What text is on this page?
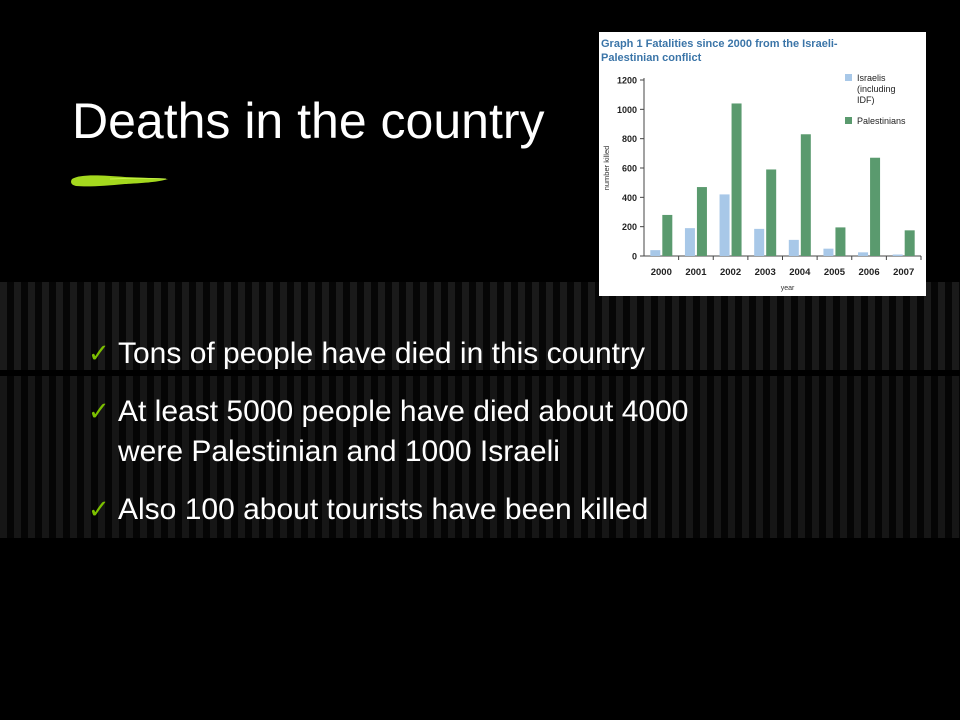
Deaths in the country
✓ Tons of people have died in this country
✓ At least 5000 people have died about 4000
were Palestinian and 1000 Israeli
✓ Also 100 about tourists have been killed
Graph 1 Fatalities since 2000 from the Israeli-
Palestinian conflict
0
200
400
600
800
1000
1200
2000 2001 2002 2003 2004 2005 2006 2007
number killed
year
Israelis
(including
IDF)
Palestinians
